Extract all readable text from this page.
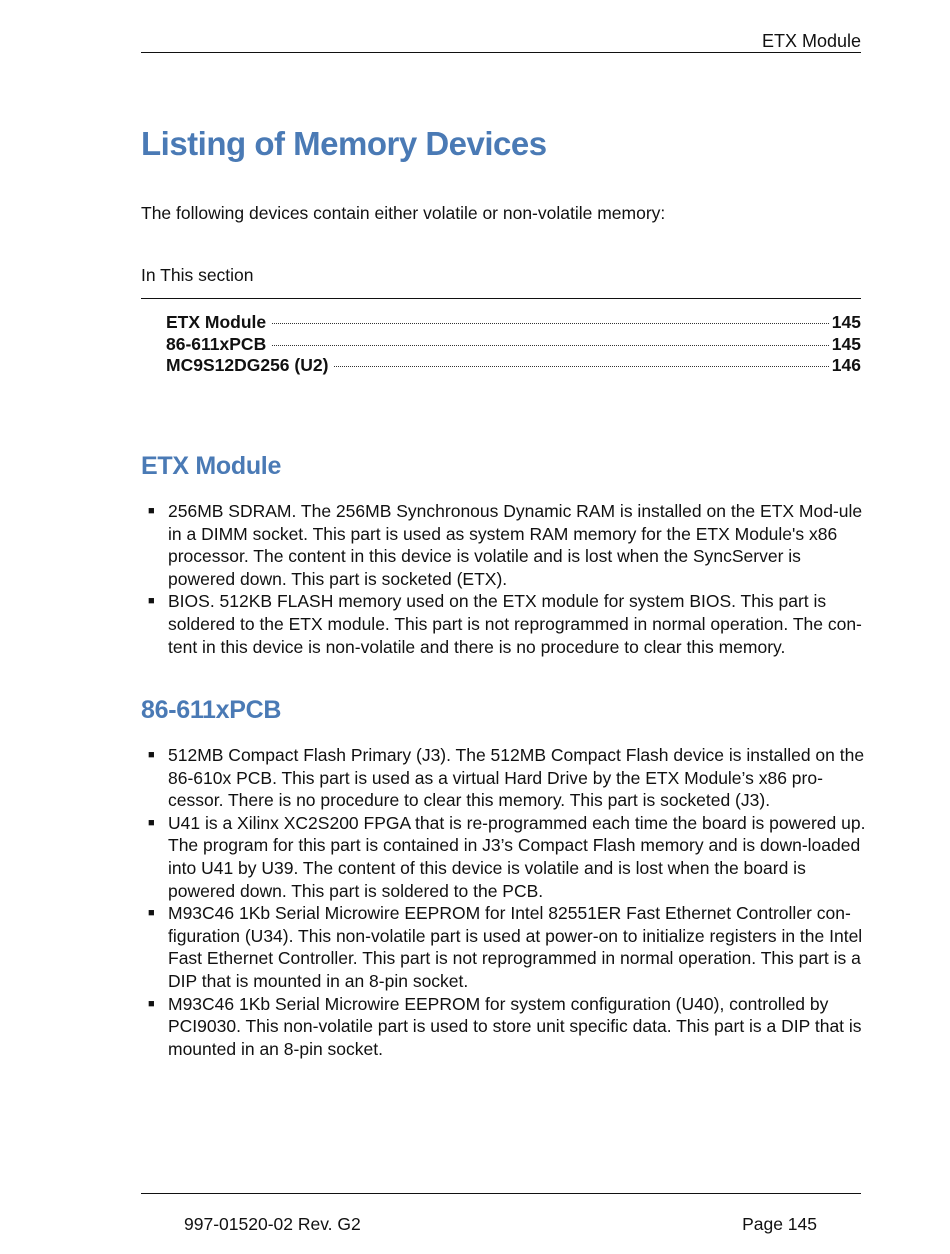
ETX Module
Listing of Memory Devices

The following devices contain either volatile or non-volatile memory:

In This section

ETX Module	145
86-611xPCB	145
MC9S12DG256 (U2)	146
ETX Module
■ 256MB SDRAM. The 256MB Synchronous Dynamic RAM is installed on the ETX Mod-ule in a DIMM socket. This part is used as system RAM memory for the ETX Module's x86 processor. The content in this device is volatile and is lost when the SyncServer is powered down. This part is socketed (ETX).
■ BIOS. 512KB FLASH memory used on the ETX module for system BIOS. This part is soldered to the ETX module. This part is not reprogrammed in normal operation. The con-tent in this device is non-volatile and there is no procedure to clear this memory.
86-611xPCB
■ 512MB Compact Flash Primary (J3). The 512MB Compact Flash device is installed on the 86-610x PCB. This part is used as a virtual Hard Drive by the ETX Module’s x86 pro-cessor. There is no procedure to clear this memory. This part is socketed (J3).
■ U41 is a Xilinx XC2S200 FPGA that is re-programmed each time the board is powered up. The program for this part is contained in J3’s Compact Flash memory and is down-loaded into U41 by U39. The content of this device is volatile and is lost when the board is powered down. This part is soldered to the PCB.
■ M93C46 1Kb Serial Microwire EEPROM for Intel 82551ER Fast Ethernet Controller con-figuration (U34). This non-volatile part is used at power-on to initialize registers in the Intel Fast Ethernet Controller. This part is not reprogrammed in normal operation. This part is a DIP that is mounted in an 8-pin socket.
■ M93C46 1Kb Serial Microwire EEPROM for system configuration (U40), controlled by PCI9030. This non-volatile part is used to store unit specific data. This part is a DIP that is mounted in an 8-pin socket.
997-01520-02 Rev. G2	Page 145
